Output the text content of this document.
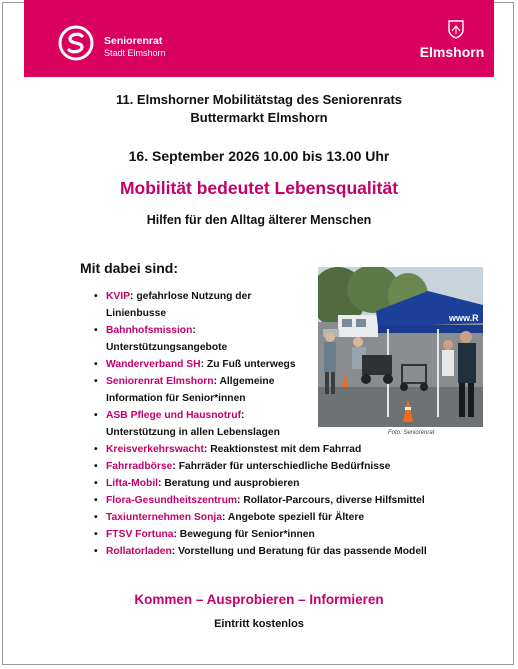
Seniorenrat
Stadt Elmshorn	Elmshorn
11. Elmshorner Mobilitätstag des Seniorenrats
Buttermarkt Elmshorn
16. September 2026 10.00 bis 13.00 Uhr
Mobilität bedeutet Lebensqualität
Hilfen für den Alltag älterer Menschen
Mit dabei sind:
www.R
Foto: Seniorenrat
• KVIP: gefahrlose Nutzung der
Linienbusse
• Bahnhofsmission:
Unterstützungsangebote
• Wanderverband SH: Zu Fuß unterwegs
• Seniorenrat Elmshorn: Allgemeine
Information für Senior*innen
• ASB Pflege und Hausnotruf:
Unterstützung in allen Lebenslagen
• Kreisverkehrswacht: Reaktionstest mit dem Fahrrad
• Fahrradbörse: Fahrräder für unterschiedliche Bedürfnisse
• Lifta-Mobil: Beratung und ausprobieren
• Flora-Gesundheitszentrum: Rollator-Parcours, diverse Hilfsmittel
• Taxiunternehmen Sonja: Angebote speziell für Ältere
• FTSV Fortuna: Bewegung für Senior*innen
• Rollatorladen: Vorstellung und Beratung für das passende Modell
Kommen – Ausprobieren – Informieren
Eintritt kostenlos
